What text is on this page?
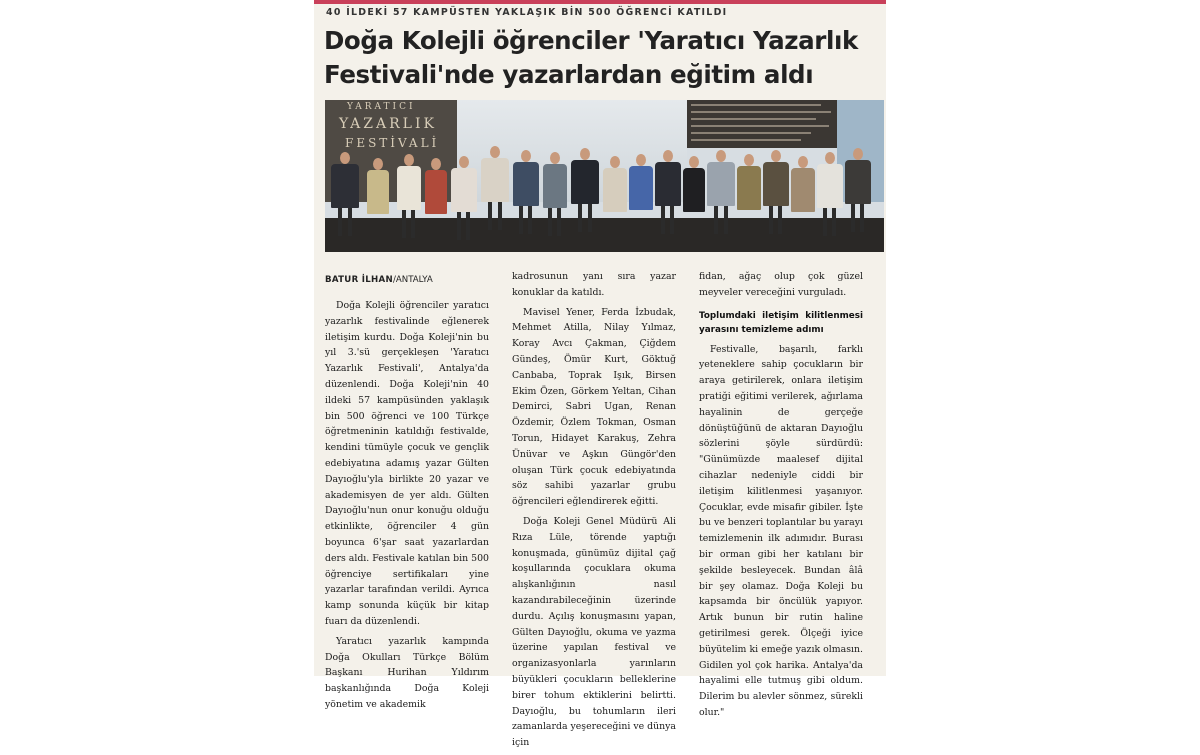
40 İLDEKİ 57 KAMPÜSTEN YAKLAŞIK BİN 500 ÖĞRENCİ KATILDI
Doğa Kolejli öğrenciler 'Yaratıcı Yazarlık Festivali'nde yazarlardan eğitim aldı
YARATICI
YAZARLIK
FESTİVALİ
BATUR İLHAN/ANTALYA

Doğa Kolejli öğrenciler yaratıcı yazarlık festivalinde eğlenerek iletişim kurdu. Doğa Koleji'nin bu yıl 3.'sü gerçekleşen 'Yaratıcı Yazarlık Festivali', Antalya'da düzenlendi. Doğa Koleji'nin 40 ildeki 57 kampüsünden yaklaşık bin 500 öğrenci ve 100 Türkçe öğretmeninin katıldığı festivalde, kendini tümüyle çocuk ve gençlik edebiyatına adamış yazar Gülten Dayıoğlu'yla birlikte 20 yazar ve akademisyen de yer aldı. Gülten Dayıoğlu'nun onur konuğu olduğu etkinlikte, öğrenciler 4 gün boyunca 6'şar saat yazarlardan ders aldı. Festivale katılan bin 500 öğrenciye sertifikaları yine yazarlar tarafından verildi. Ayrıca kamp sonunda küçük bir kitap fuarı da düzenlendi.

Yaratıcı yazarlık kampında Doğa Okulları Türkçe Bölüm Başkanı Hurihan Yıldırım başkanlığında Doğa Koleji yönetim ve akademik

kadrosunun yanı sıra yazar konuklar da katıldı.

Mavisel Yener, Ferda İzbudak, Mehmet Atilla, Nilay Yılmaz, Koray Avcı Çakman, Çiğdem Gündeş, Ömür Kurt, Göktuğ Canbaba, Toprak Işık, Birsen Ekim Özen, Görkem Yeltan, Cihan Demirci, Sabri Ugan, Renan Özdemir, Özlem Tokman, Osman Torun, Hidayet Karakuş, Zehra Ünüvar ve Aşkın Güngör'den oluşan Türk çocuk edebiyatında söz sahibi yazarlar grubu öğrencileri eğlendirerek eğitti.

Doğa Koleji Genel Müdürü Ali Rıza Lüle, törende yaptığı konuşmada, günümüz dijital çağ koşullarında çocuklara okuma alışkanlığının nasıl kazandırabileceğinin üzerinde durdu. Açılış konuşmasını yapan, Gülten Dayıoğlu, okuma ve yazma üzerine yapılan festival ve organizasyonlarla yarınların büyükleri çocukların belleklerine birer tohum ektiklerini belirtti. Dayıoğlu, bu tohumların ileri zamanlarda yeşereceğini ve dünya için

fidan, ağaç olup çok güzel meyveler vereceğini vurguladı.

Toplumdaki iletişim kilitlenmesi yarasını temizleme adımı

Festivalle, başarılı, farklı yeteneklere sahip çocukların bir araya getirilerek, onlara iletişim pratiği eğitimi verilerek, ağırlama hayalinin de gerçeğe dönüştüğünü de aktaran Dayıoğlu sözlerini şöyle sürdürdü: "Günümüzde maalesef dijital cihazlar nedeniyle ciddi bir iletişim kilitlenmesi yaşanıyor. Çocuklar, evde misafir gibiler. İşte bu ve benzeri toplantılar bu yarayı temizlemenin ilk adımıdır. Burası bir orman gibi her katılanı bir şekilde besleyecek. Bundan âlâ bir şey olamaz. Doğa Koleji bu kapsamda bir öncülük yapıyor. Artık bunun bir rutin haline getirilmesi gerek. Ölçeği iyice büyütelim ki emeğe yazık olmasın. Gidilen yol çok harika. Antalya'da hayalimi elle tutmuş gibi oldum. Dilerim bu alevler sönmez, sürekli olur."
